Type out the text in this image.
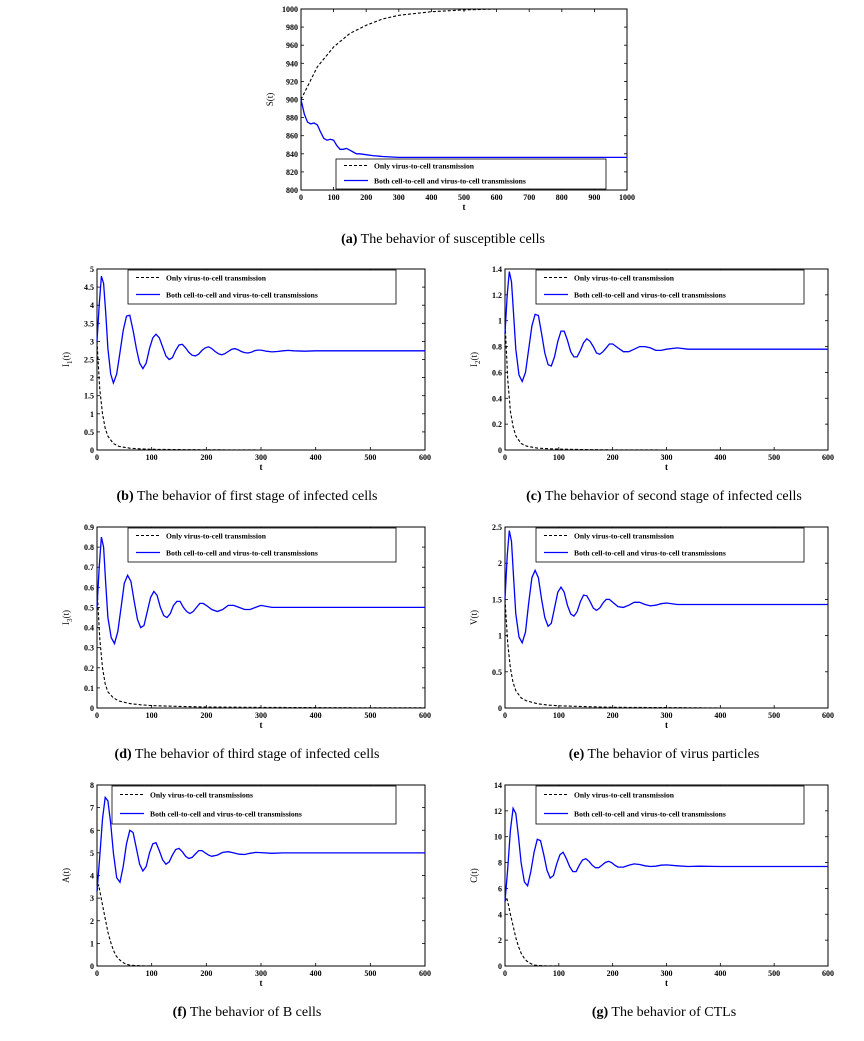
0	100	200	300	400	500	600	700	800	900 1000
800
820
840
860
880
900
920
940
960
980
1000
t
S(t)
Only virus-to-cell transmission
Both cell-to-cell and virus-to-cell transmissions
0	100	200	300	400	500	600
0
0.5
1
1.5
2
2.5
3
3.5
4
4.5
5
t
$I_1(t)$
Only virus-to-cell transmission
Both cell-to-cell and virus-to-cell transmissions
0	100	200	300	400	500	600
0
0.2
0.4
0.6
0.8
1
1.2
1.4
t
$I_2(t)$
Only virus-to-cell transmission
Both cell-to-cell and virus-to-cell transmissions
0	100	200	300	400	500	600
0
0.1
0.2
0.3
0.4
0.5
0.6
0.7
0.8
0.9
t
$I_3(t)$
Only virus-to-cell transmission
Both cell-to-cell and virus-to-cell transmissions
0	100	200	300	400	500	600
0
0.5
1
1.5
2
2.5
t
V(t)
Only virus-to-cell transmission
Both cell-to-cell and virus-to-cell transmissions
0	100	200	300	400	500	600
0
1
2
3
4
5
6
7
8
t
A(t)
Only virus-to-cell transmissions
Both cell-to-cell and virus-to-cell transmissions
0	100	200	300	400	500	600
0
2
4
6
8
10
12
14
t
C(t)
Only virus-to-cell transmission
Both cell-to-cell and virus-to-cell transmissions
(a) The behavior of susceptible cells
(b) The behavior of first stage of infected cells	(c) The behavior of second stage of infected cells
(d) The behavior of third stage of infected cells	(e) The behavior of virus particles
(f) The behavior of B cells	(g) The behavior of CTLs
